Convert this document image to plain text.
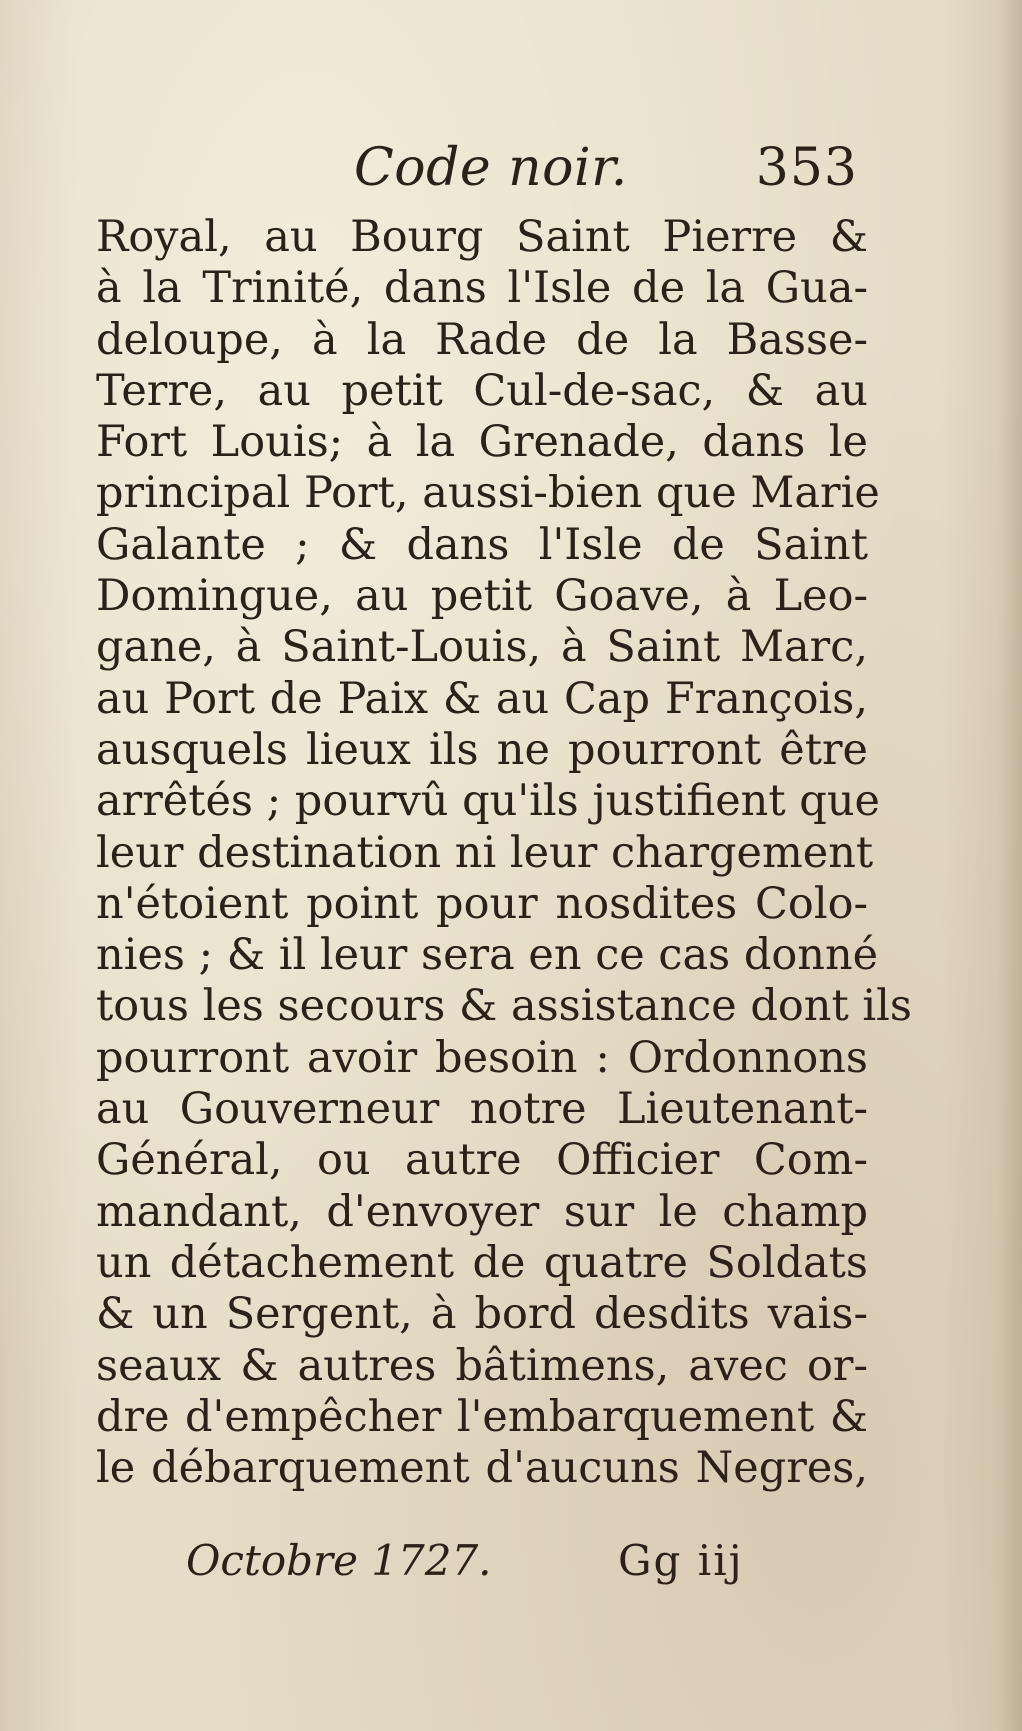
Code noir. 353
Royal, au Bourg Saint Pierre &
à la Trinité, dans l'Isle de la Gua-
deloupe, à la Rade de la Basse-
Terre, au petit Cul-de-sac, & au
Fort Louis; à la Grenade, dans le
principal Port, aussi-bien que Marie
Galante ; & dans l'Isle de Saint
Domingue, au petit Goave, à Leo-
gane, à Saint-Louis, à Saint Marc,
au Port de Paix & au Cap François,
ausquels lieux ils ne pourront être
arrêtés ; pourvû qu'ils justifient que
leur destination ni leur chargement
n'étoient point pour nosdites Colo-
nies ; & il leur sera en ce cas donné
tous les secours & assistance dont ils
pourront avoir besoin : Ordonnons
au Gouverneur notre Lieutenant-
Général, ou autre Officier Com-
mandant, d'envoyer sur le champ
un détachement de quatre Soldats
& un Sergent, à bord desdits vais-
seaux & autres bâtimens, avec or-
dre d'empêcher l'embarquement &
le débarquement d'aucuns Negres,
Octobre 1727.	Gg iij
